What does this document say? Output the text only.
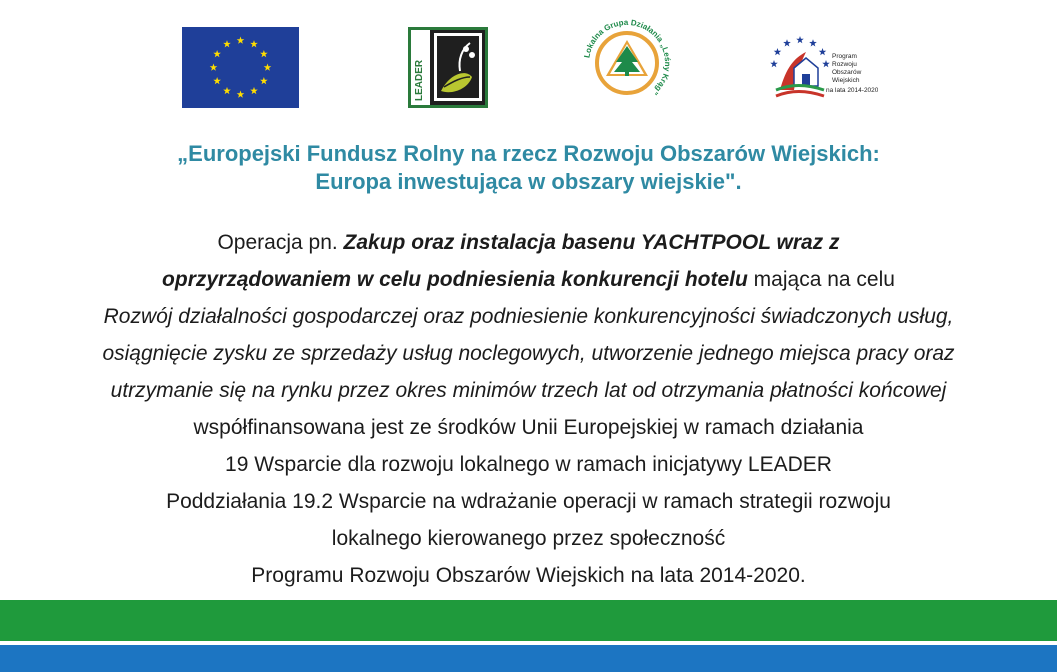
LEADER
Lokalna Grupa Działania „Leśny Krąg”
Program
Rozwoju
Obszarów
Wiejskich
na lata 2014-2020
„Europejski Fundusz Rolny na rzecz Rozwoju Obszarów Wiejskich:
Europa inwestująca w obszary wiejskie".
Operacja pn. Zakup oraz instalacja basenu YACHTPOOL wraz z
oprzyrządowaniem w celu podniesienia konkurencji hotelu mająca na celu
Rozwój działalności gospodarczej oraz podniesienie konkurencyjności świadczonych usług,
osiągnięcie zysku ze sprzedaży usług noclegowych, utworzenie jednego miejsca pracy oraz
utrzymanie się na rynku przez okres minimów trzech lat od otrzymania płatności końcowej
współfinansowana jest ze środków Unii Europejskiej w ramach działania
19 Wsparcie dla rozwoju lokalnego w ramach inicjatywy LEADER
Poddziałania 19.2 Wsparcie na wdrażanie operacji w ramach strategii rozwoju
lokalnego kierowanego przez społeczność
Programu Rozwoju Obszarów Wiejskich na lata 2014-2020.
